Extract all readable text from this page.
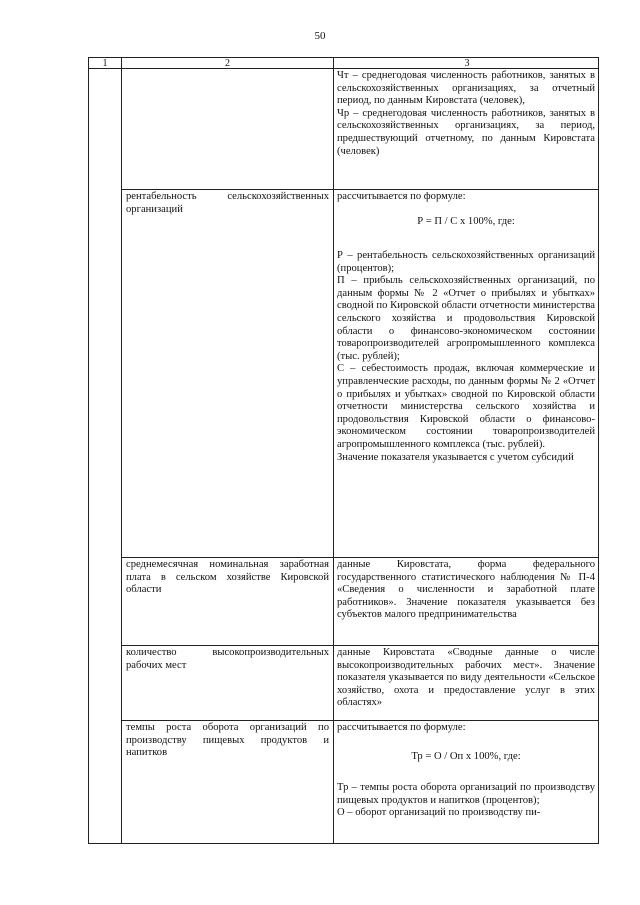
50
1	2	3

Чт – среднегодовая численность работников, занятых в сельскохозяйственных организациях, за отчетный период, по данным Кировстата (человек),
Чр – среднегодовая численность работников, занятых в сельскохозяйственных организациях, за период, предшествующий отчетному, по данным Кировстата (человек)

рентабельность сельскохозяйственных организаций

рассчитывается по формуле:

Р = П / С х 100%, где:

Р – рентабельность сельскохозяйственных организаций (процентов);
П – прибыль сельскохозяйственных организаций, по данным формы № 2 «Отчет о прибылях и убытках» сводной по Кировской области отчетности министерства сельского хозяйства и продовольствия Кировской области о финансово-экономическом состоянии товаропроизводителей агропромышленного комплекса (тыс. рублей);
С – себестоимость продаж, включая коммерческие и управленческие расходы, по данным формы № 2 «Отчет о прибылях и убытках» сводной по Кировской области отчетности министерства сельского хозяйства и продовольствия Кировской области о финансово-экономическом состоянии товаропроизводителей агропромышленного комплекса (тыс. рублей).
Значение показателя указывается с учетом субсидий

среднемесячная номинальная заработная плата в сельском хозяйстве Кировской области

данные Кировстата, форма федерального государственного статистического наблюдения № П-4 «Сведения о численности и заработной плате работников». Значение показателя указывается без субъектов малого предпринимательства

количество высокопроизводительных рабочих мест

данные Кировстата «Сводные данные о числе высокопроизводительных рабочих мест». Значение показателя указывается по виду деятельности «Сельское хозяйство, охота и предоставление услуг в этих областях»

темпы роста оборота организаций по производству пищевых продуктов и напитков

рассчитывается по формуле:

Тр = О / Оп х 100%, где:

Тр – темпы роста оборота организаций по производству пищевых продуктов и напитков (процентов);
О – оборот организаций по производству пи-
